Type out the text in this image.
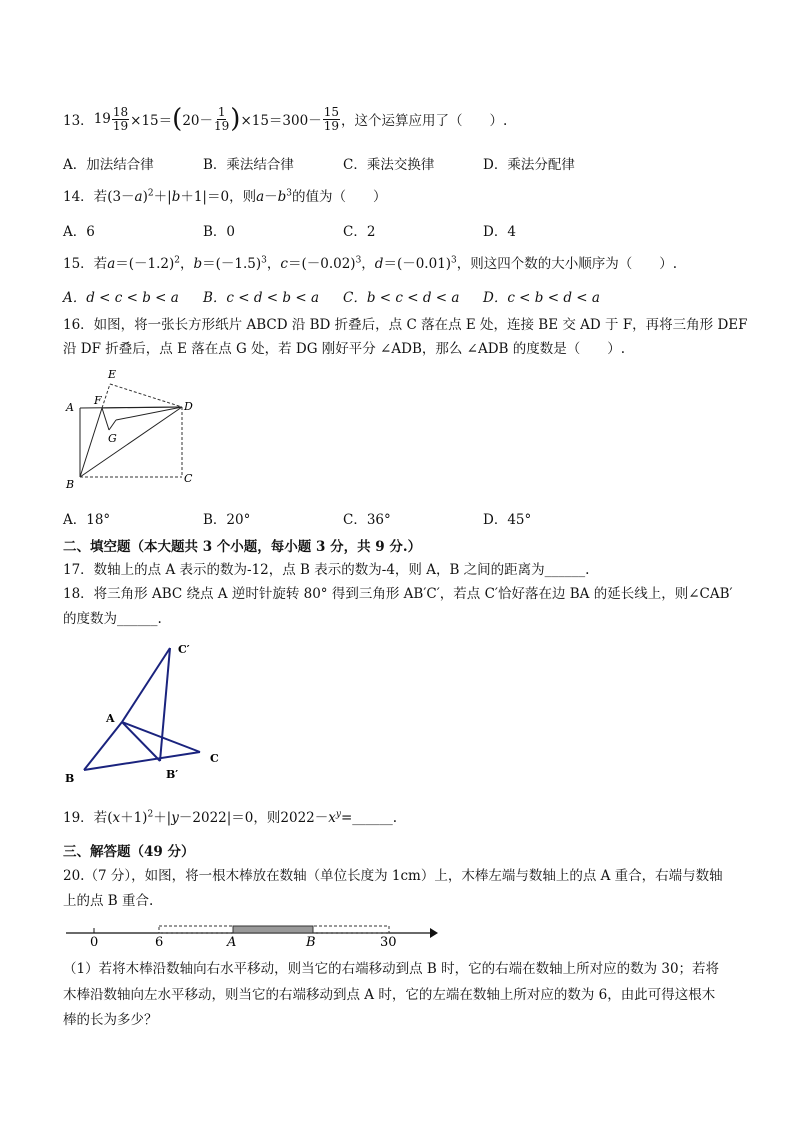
13． $19 \frac{18}{19} \times 15=$ ( $20- \frac{1}{19}$ ) $\times 15=300- \frac{15}{19}$ ，这个运算应用了（　　）.
A．加法结合律	B．乘法结合律	C．乘法交换律	D．乘法分配律
14．若$(3-a)^2+|b+1|=0$，则$a-b^3$的值为（　　）
A．6	B．0	C．2	D．4
15．若$a=(-1.2)^2$，$b=(-1.5)^3$，$c=(-0.02)^3$，$d=(-0.01)^3$，则这四个数的大小顺序为（　　）.
A．d < c < b < a B．c < d < b < a C．b < c < d < a D．c < b < d < a
16．如图，将一张长方形纸片 ABCD 沿 BD 折叠后，点 C 落在点 E 处，连接 BE 交 AD 于 F，再将三角形 DEF
沿 DF 折叠后，点 E 落在点 G 处，若 DG 刚好平分 ∠ADB，那么 ∠ADB 的度数是（　　）.
E
A
F	D
G
B	C
A．18°	B．20°	C．36°	D．45°
二、填空题（本大题共 3 个小题，每小题 3 分，共 9 分.）
17．数轴上的点 A 表示的数为-12，点 B 表示的数为-4，则 A，B 之间的距离为______.
18．将三角形 ABC 绕点 A 逆时针旋转 80° 得到三角形 AB′C′，若点 C′恰好落在边 BA 的延长线上，则∠CAB′
的度数为______.
C′
A
C
B′
B
19．若$(x+1)^2+|y-2022|=0$，则$2022-x^y=\_\_\_\_\_\_$.
三、解答题（49 分）
20.（7 分），如图，将一根木棒放在数轴（单位长度为 1cm）上，木棒左端与数轴上的点 A 重合，右端与数轴
上的点 B 重合.
0	6	A	B	30
（1）若将木棒沿数轴向右水平移动，则当它的右端移动到点 B 时，它的右端在数轴上所对应的数为 30；若将
木棒沿数轴向左水平移动，则当它的右端移动到点 A 时，它的左端在数轴上所对应的数为 6，由此可得这根木
棒的长为多少？
